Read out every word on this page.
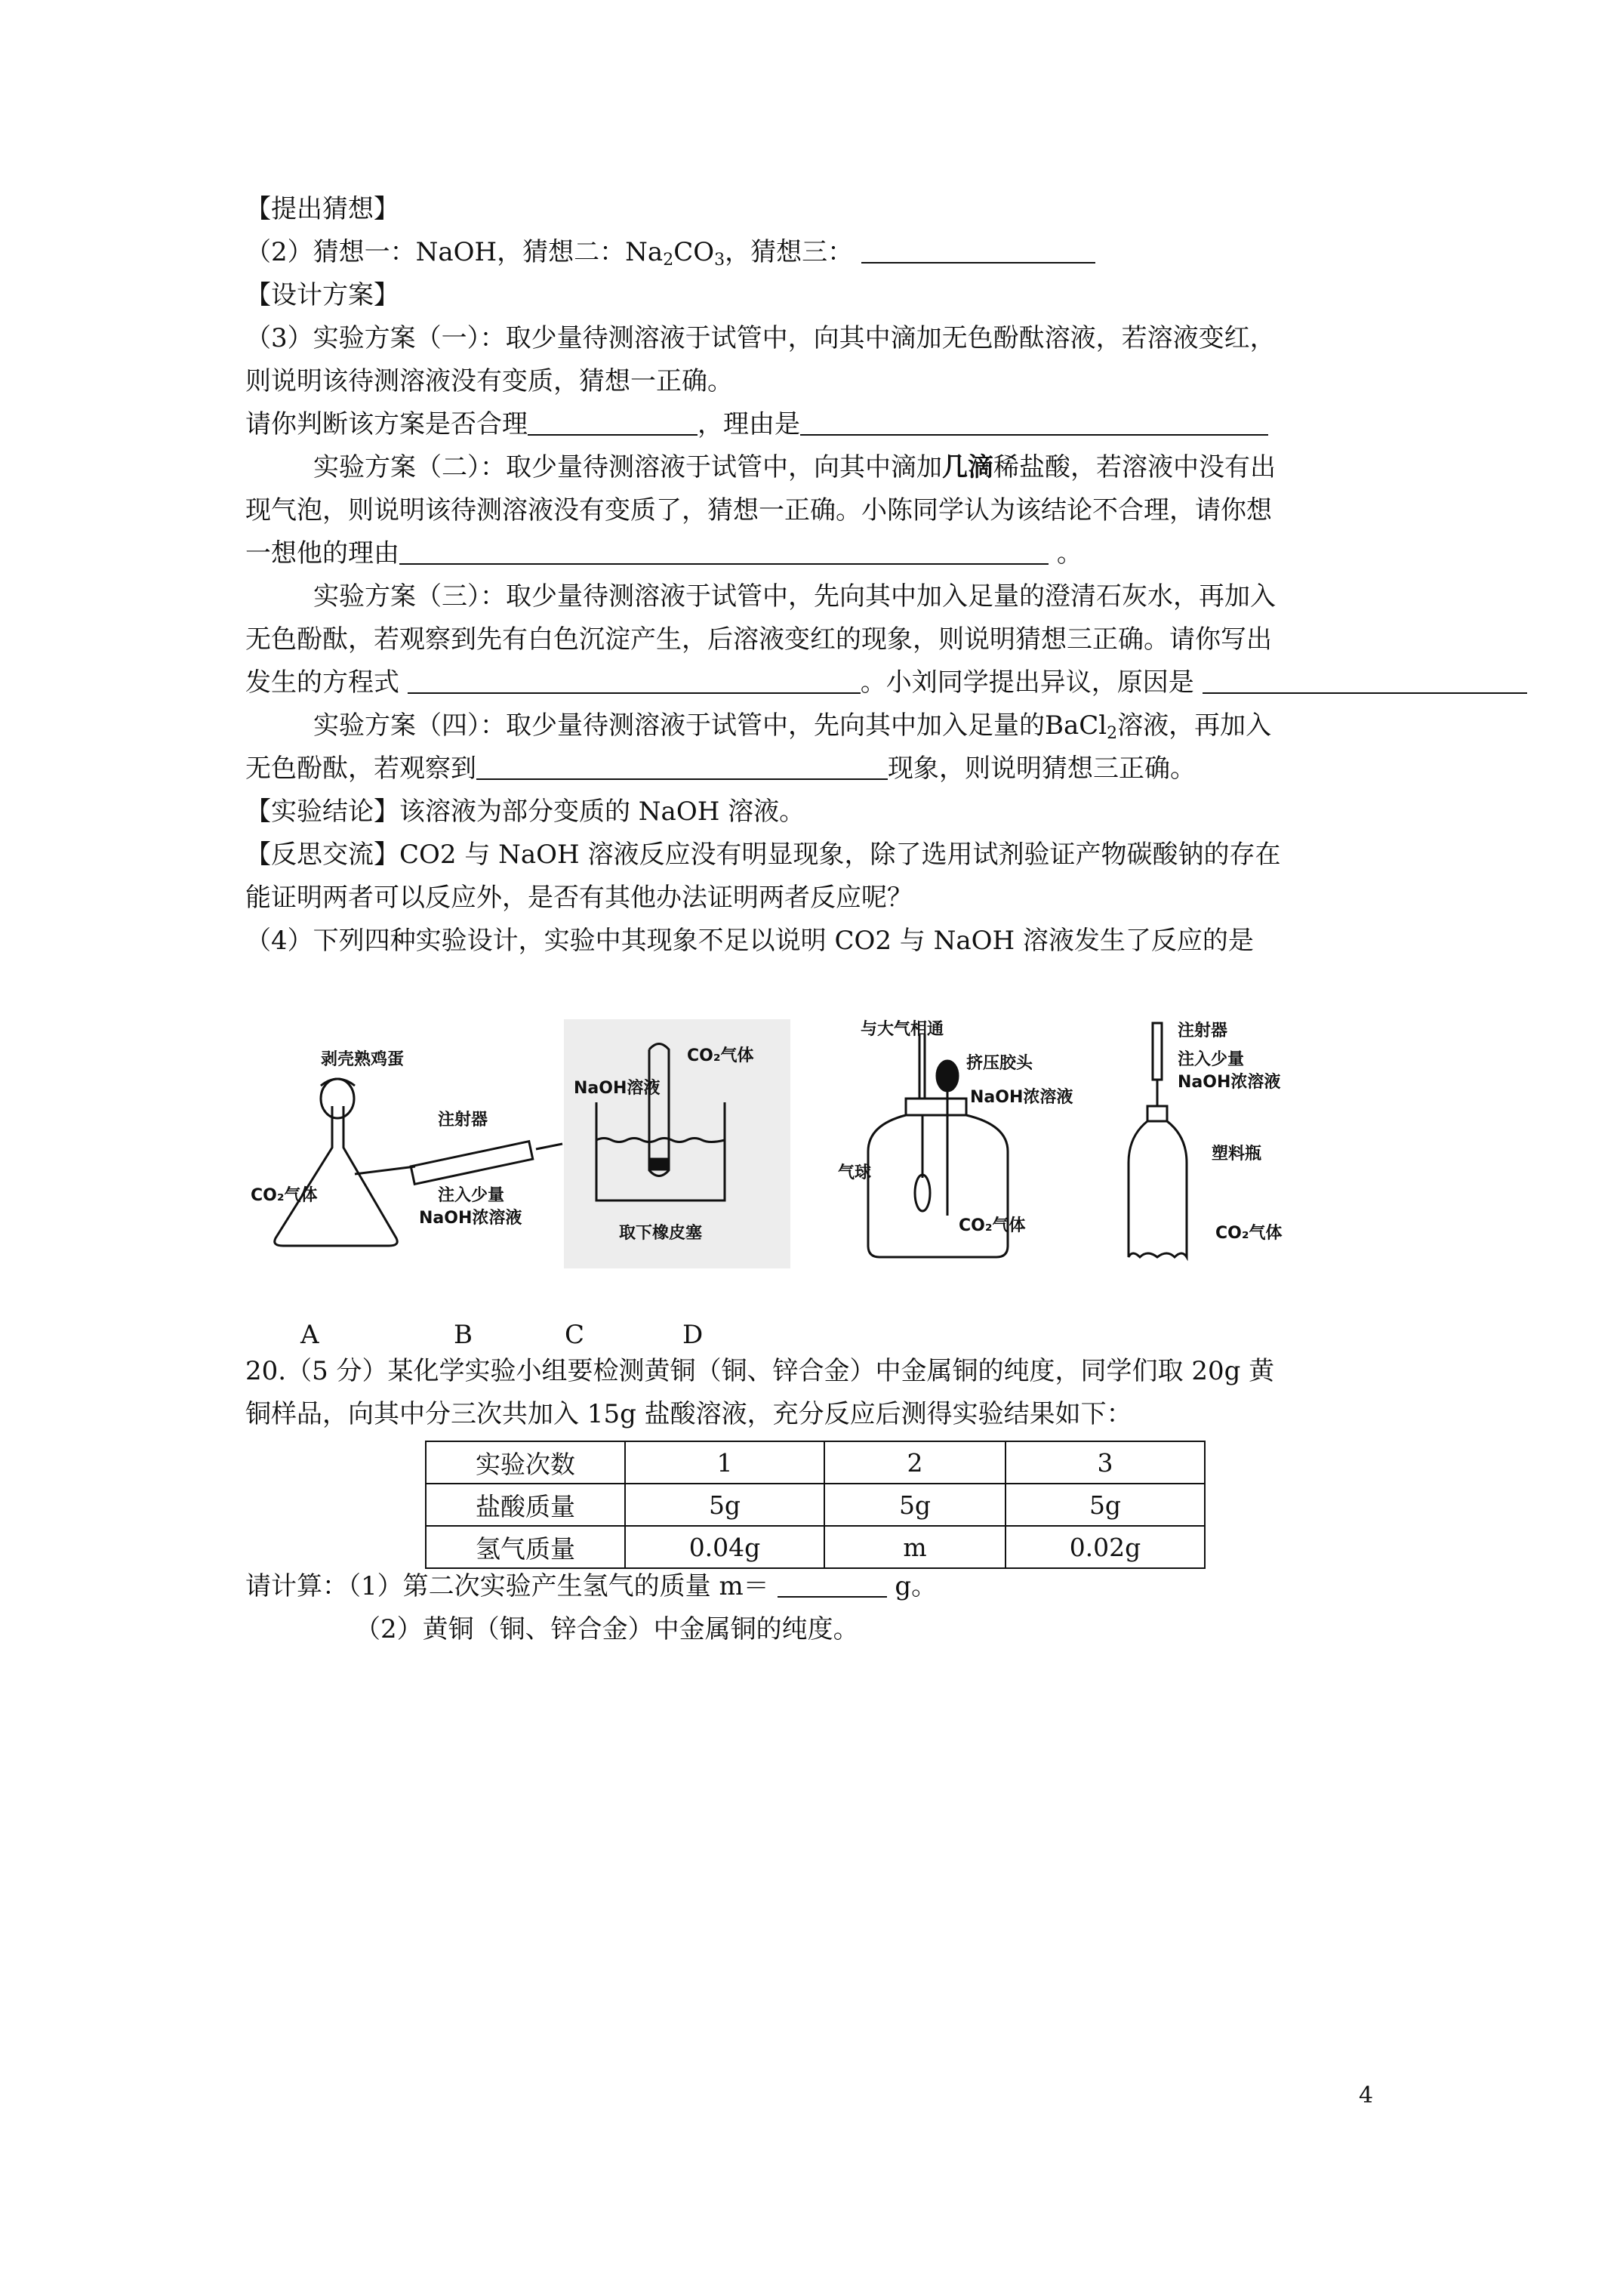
【提出猜想】
（2）猜想一：NaOH，猜想二：$Na_2CO_3$，猜想三：
【设计方案】
（3）实验方案（一）：取少量待测溶液于试管中，向其中滴加无色酚酞溶液，若溶液变红，
则说明该待测溶液没有变质，猜想一正确。
请你判断该方案是否合理	，理由是
实验方案（二）：取少量待测溶液于试管中，向其中滴加几滴稀盐酸，若溶液中没有出
现气泡，则说明该待测溶液没有变质了，猜想一正确。小陈同学认为该结论不合理，请你想
一想他的理由	。
实验方案（三）：取少量待测溶液于试管中，先向其中加入足量的澄清石灰水，再加入
无色酚酞，若观察到先有白色沉淀产生，后溶液变红的现象，则说明猜想三正确。请你写出
发生的方程式	。小刘同学提出异议，原因是
实验方案（四）：取少量待测溶液于试管中，先向其中加入足量的BaCl$_2$溶液，再加入
无色酚酞，若观察到	现象，则说明猜想三正确。
【实验结论】该溶液为部分变质的 NaOH 溶液。
【反思交流】CO2 与 NaOH 溶液反应没有明显现象，除了选用试剂验证产物碳酸钠的存在
能证明两者可以反应外，是否有其他办法证明两者反应呢？
（4）下列四种实验设计，实验中其现象不足以说明 CO2 与 NaOH 溶液发生了反应的是
剥壳熟鸡蛋
注射器
CO₂气体	注入少量
NaOH浓溶液
NaOH溶液
CO₂气体
取下橡皮塞
与大气相通
挤压胶头
NaOH浓溶液
气球
CO₂气体
注射器
注入少量
NaOH浓溶液
塑料瓶
CO₂气体
A	B	C	D
20.（5 分）某化学实验小组要检测黄铜（铜、锌合金）中金属铜的纯度，同学们取 20g 黄
铜样品，向其中分三次共加入 15g 盐酸溶液，充分反应后测得实验结果如下：
实验次数	1	2	3
盐酸质量	5g	5g	5g
氢气质量	0.04g	m	0.02g
请计算：（1）第二次实验产生氢气的质量 m＝	g。
（2）黄铜（铜、锌合金）中金属铜的纯度。
4
